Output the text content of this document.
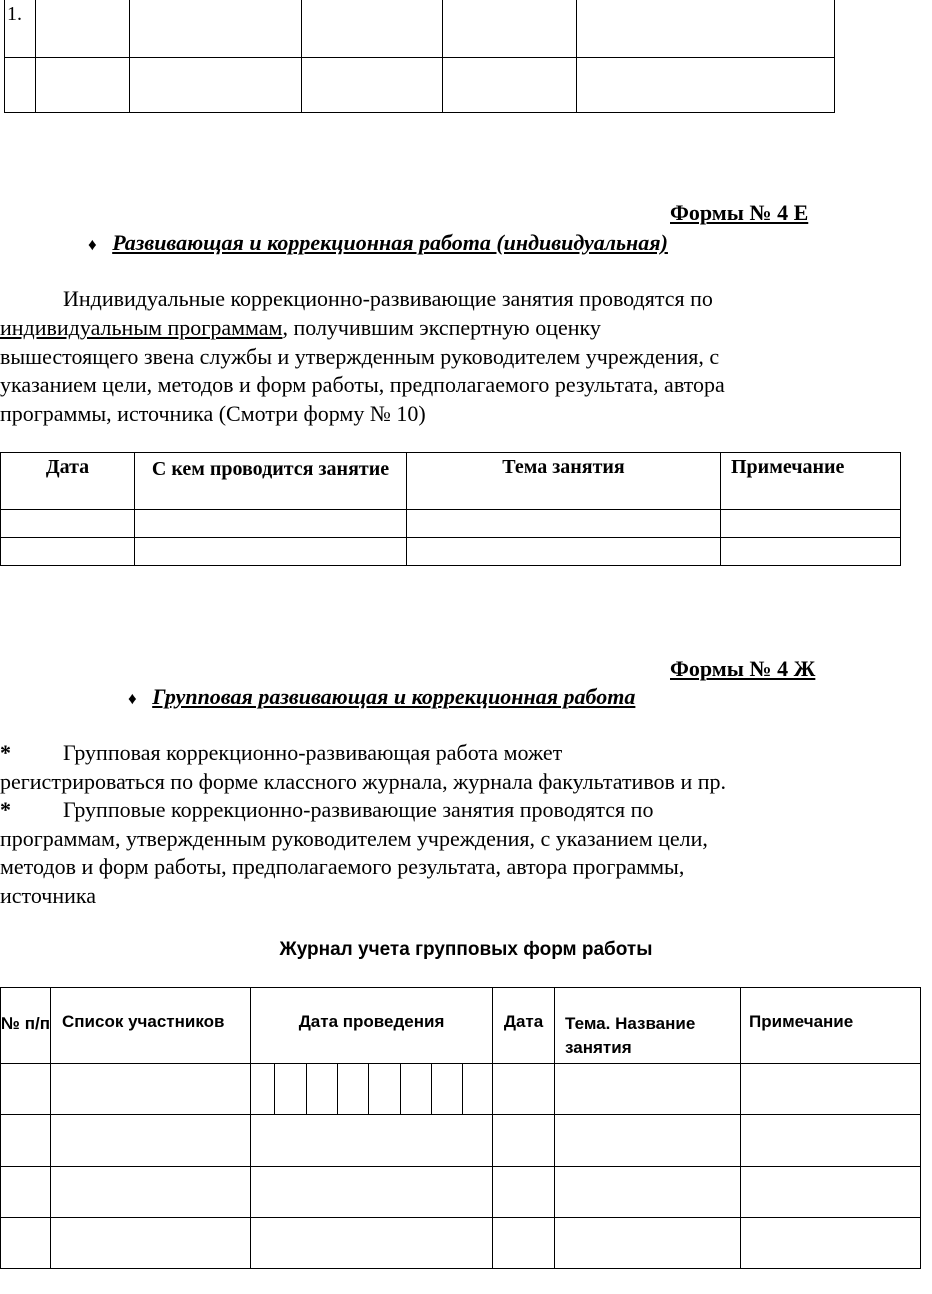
1.					

Формы № 4 Е
♦ Развивающая и коррекционная работа (индивидуальная)
Индивидуальные коррекционно-развивающие занятия проводятся по
индивидуальным программам, получившим экспертную оценку
вышестоящего звена службы и утвержденным руководителем учреждения, с
указанием цели, методов и форм работы, предполагаемого результата, автора
программы, источника (Смотри форму № 10)
Дата	С кем проводится занятие	Тема занятия	Примечание

Формы № 4 Ж
♦ Групповая развивающая и коррекционная работа
* Групповая коррекционно-развивающая работа может
регистрироваться по форме классного журнала, журнала факультативов и пр.
* Групповые коррекционно-развивающие занятия проводятся по
программам, утвержденным руководителем учреждения, с указанием цели,
методов и форм работы, предполагаемого результата, автора программы,
источника
Журнал учета групповых форм работы
№ п/п	Список участников	Дата проведения								Дата	Тема. Название занятия	Примечание
